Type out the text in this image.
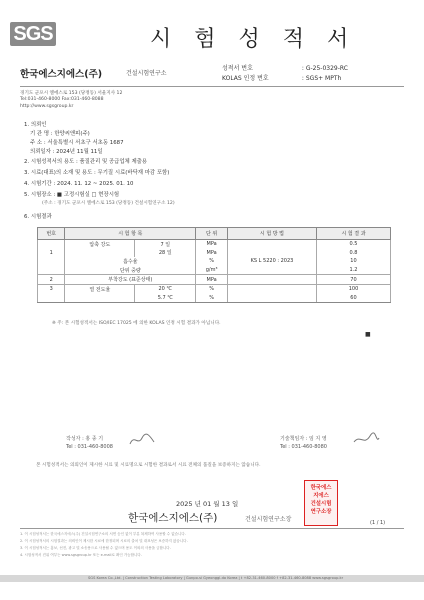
SGS	시 험 성 적 서
한국에스지에스(주)	건설시험연구소
성적서 번호	: G-25-0329-RC
KOLAS 인정 번호	: SGS+ MPTh
경기도 군포시 엘에스로 153 (당정동) 서울지사 12
Tel:031-460-8000 Fax:031-460-8088
http://www.sgsgroup.kr
1. 의뢰인
기 관 명 : 한양씨앤피(주)
주 소 : 서울특별시 서초구 서초동 1687
의뢰일자 : 2024년 11월 11일
2. 시험성적서의 용도 : 품질관리 및 공급업체 제출용
3. 시료(대표)의 소재 및 용도 : 무기질 시료(바닥재 마감 포함)
4. 시험기간 : 2024. 11. 12 ~ 2025. 01. 10
5. 시험장소 : ■ 고정시험실 □ 현장시험
(주소 : 경기도 군포시 엘에스로 153 (당정동) 건설시험연구소 12)
6. 시험결과
번호	시 험 항 목		단 위	시 험 방 법	시 험 결 과
	압축 강도	7 일	MPa		0.5
1		28 일	MPa		0.8
	흡수율		%	KS L 5220 : 2023	10
	단위 중량		g/m³		1.2
2	부착강도 (표준상태)		MPa		70
3	열 전도율	20 ℃	%		100
		5.7 ℃	%		60
※ 주: 본 시험성적서는 ISO/IEC 17025 에 의한 KOLAS 인정 시험 결과가 아닙니다.
■
작성자 : 홍 종 기
Tel : 031-460-8008
기술책임자 : 임 지 영
Tel : 031-460-8080
본 시험성적서는 의뢰인이 제시한 시료 및 시료명으로 시험한 결과로서 시료 전체의 품질을 보증하지는 않습니다.
2025 년 01 월 13 일
한국에스지에스(주)	건설시험연구소장
한국에스
지에스
건설시험
연구소장
(1 / 1)
1. 이 시험성적서는 한국에스지에스(주) 건설시험연구소의 서면 승인 없이 부분 복제하여 사용할 수 없습니다.
2. 이 시험성적서의 시험결과는 의뢰인이 제시한 시료에 한정되며 시료의 출처 및 대표성은 보증하지 않습니다.
3. 이 시험성적서는 홍보, 선전, 광고 및 소송용으로 사용될 수 없으며 용도 이외의 사용을 금합니다.
4. 시험성적서 진위 여부는 www.sgsgroup.kr 또는 e-mail로 확인 가능합니다.
SGS Korea Co.,Ltd. | Construction Testing Laboratory | Gunpo-si Gyeonggi-do Korea | t +82-31-460-8000 f +82-31-460-8088 www.sgsgroup.kr
